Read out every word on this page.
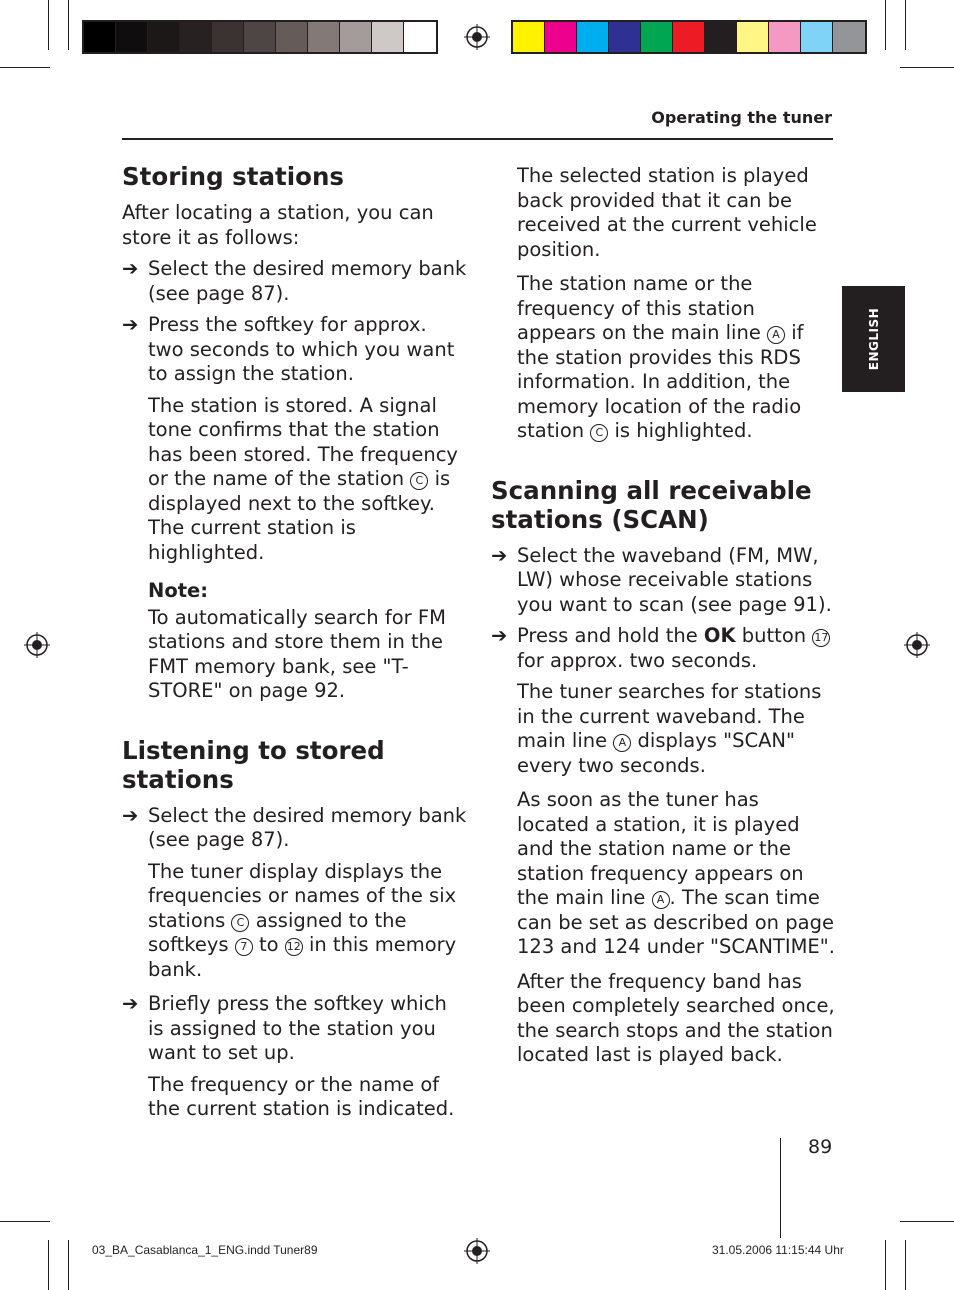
Operating the tuner
ENGLISH
Storing stations

After locating a station, you can store it as follows:

➔ Select the desired memory bank (see page 87).
➔ Press the softkey for approx. two seconds to which you want to assign the station.

The station is stored. A signal tone confirms that the station has been stored. The frequency or the name of the station C is displayed next to the softkey. The current station is highlighted.

Note:

To automatically search for FM stations and store them in the FMT memory bank, see "T-STORE" on page 92.

Listening to stored stations
➔ Select the desired memory bank (see page 87).

The tuner display displays the frequencies or names of the six stations C assigned to the softkeys 7 to 12 in this memory bank.

➔ Briefly press the softkey which is assigned to the station you want to set up.

The frequency or the name of the current station is indicated.

The selected station is played back provided that it can be received at the current vehicle position.

The station name or the frequency of this station appears on the main line A if the station provides this RDS information. In addition, the memory location of the radio station C is highlighted.

Scanning all receivable stations (SCAN)
➔ Select the waveband (FM, MW, LW) whose receivable stations you want to scan (see page 91).
➔ Press and hold the OK button 17 for approx. two seconds.

The tuner searches for stations in the current waveband. The main line A displays "SCAN" every two seconds.

As soon as the tuner has located a station, it is played and the station name or the station frequency appears on the main line A . The scan time can be set as described on page 123 and 124 under "SCANTIME".

After the frequency band has been completely searched once, the search stops and the station located last is played back.

89
03_BA_Casablanca_1_ENG.indd Tuner89	31.05.2006 11:15:44 Uhr
